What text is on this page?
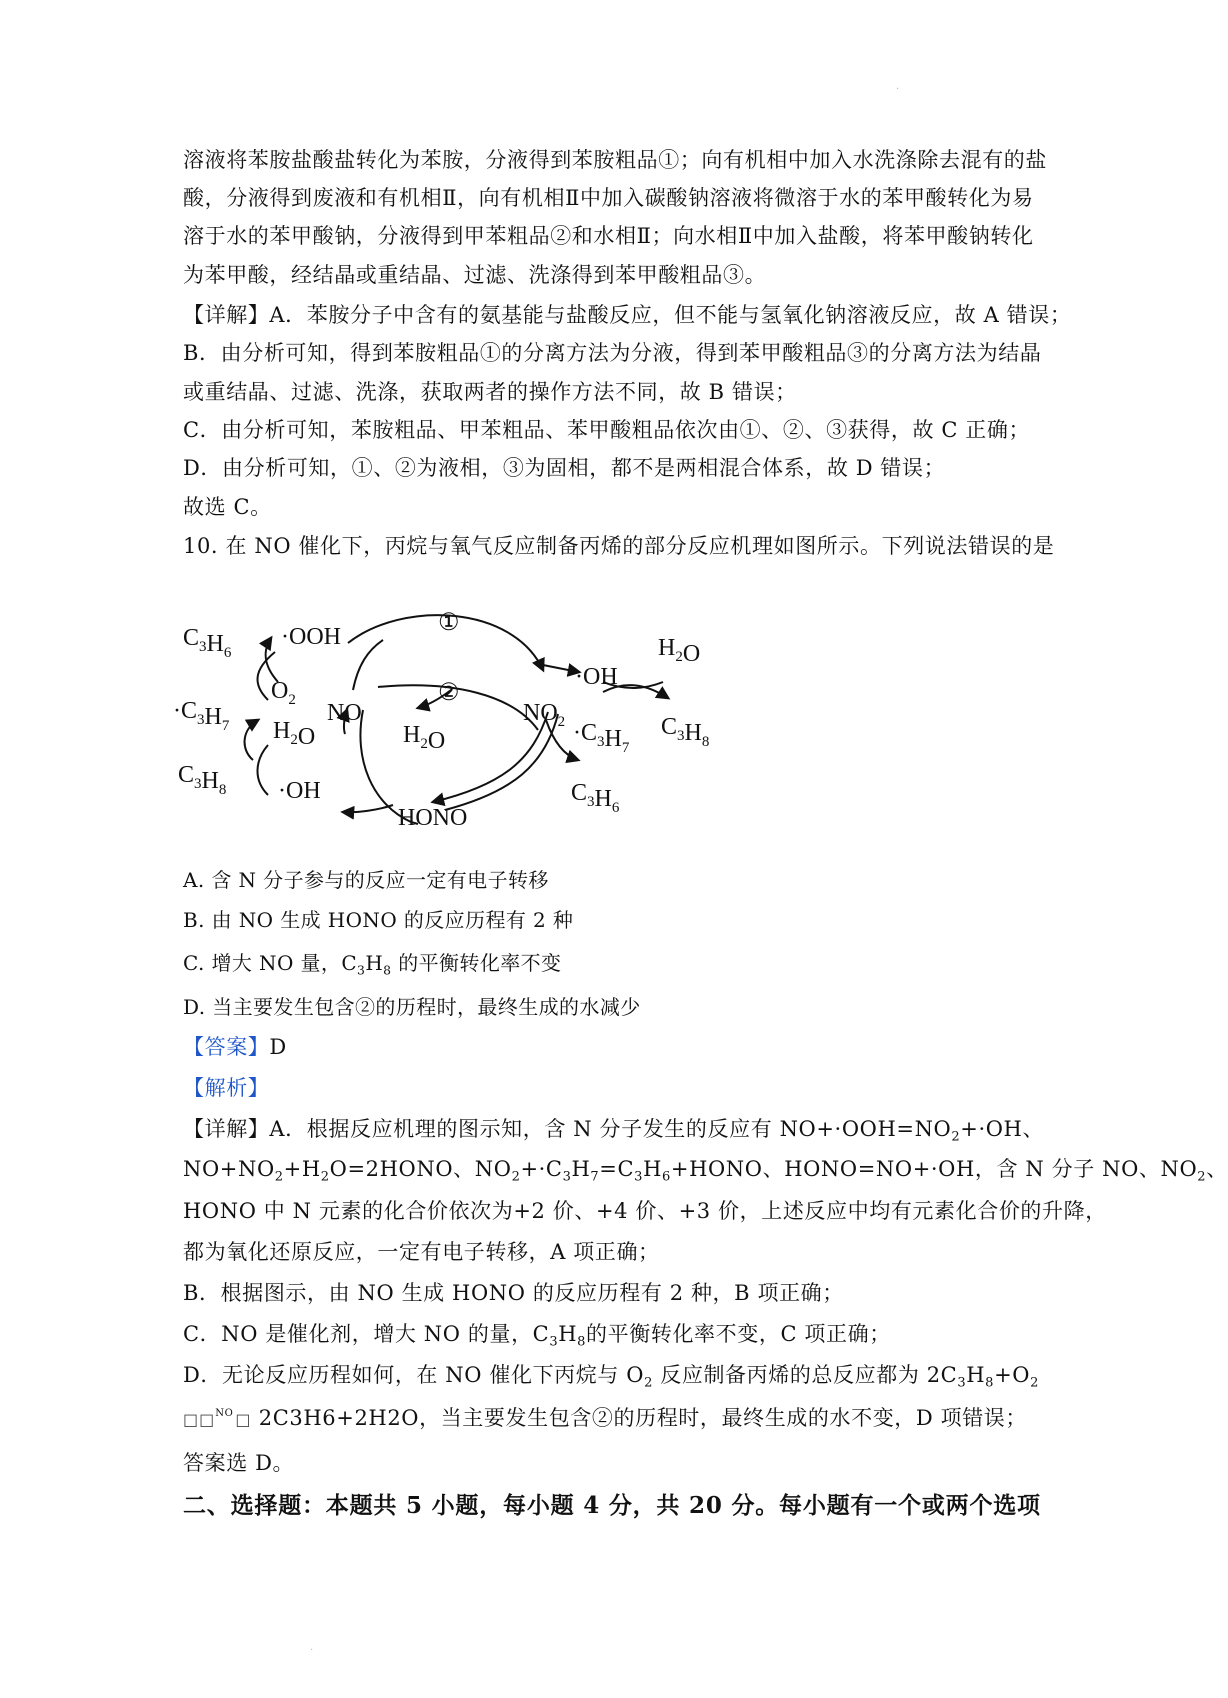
·
溶液将苯胺盐酸盐转化为苯胺，分液得到苯胺粗品①；向有机相中加入水洗涤除去混有的盐
酸，分液得到废液和有机相Ⅱ，向有机相Ⅱ中加入碳酸钠溶液将微溶于水的苯甲酸转化为易
溶于水的苯甲酸钠，分液得到甲苯粗品②和水相Ⅱ；向水相Ⅱ中加入盐酸，将苯甲酸钠转化
为苯甲酸，经结晶或重结晶、过滤、洗涤得到苯甲酸粗品③。
【详解】A．苯胺分子中含有的氨基能与盐酸反应，但不能与氢氧化钠溶液反应，故 A 错误；
B．由分析可知，得到苯胺粗品①的分离方法为分液，得到苯甲酸粗品③的分离方法为结晶
或重结晶、过滤、洗涤，获取两者的操作方法不同，故 B 错误；
C．由分析可知，苯胺粗品、甲苯粗品、苯甲酸粗品依次由①、②、③获得，故 C 正确；
D．由分析可知，①、②为液相，③为固相，都不是两相混合体系，故 D 错误；
故选 C。
10. 在 NO 催化下，丙烷与氧气反应制备丙烯的部分反应机理如图所示。下列说法错误的是
$C_3H_6$
·OOH
①
·OH
$H_2O$
$O_2$
$\cdot C_3H_7$	NO
②
$NO_2 \cdot C_3H_7$
$C_3H_8$
$H_2O$	$H_2O$
$C_3H_8 \cdot OH$
HONO
$C_3H_6$
A. 含 N 分子参与的反应一定有电子转移
B. 由 NO 生成 HONO 的反应历程有 2 种
C. 增大 NO 量，$C_3H_8$ 的平衡转化率不变
D. 当主要发生包含②的历程时，最终生成的水减少
【答案】D
【解析】
【详解】A．根据反应机理的图示知，含 N 分子发生的反应有 $NO+\cdot OOH=NO_2+\cdot OH$、
$NO+NO_2+H_2O=2HONO$、$NO_2+\cdot C_3H_7=C_3H_6+HONO$、HONO=NO+·OH，含 N 分子 NO、$NO_2$、
HONO 中 N 元素的化合价依次为+2 价、+4 价、+3 价，上述反应中均有元素化合价的升降，
都为氧化还原反应，一定有电子转移，A 项正确；
B．根据图示，由 NO 生成 HONO 的反应历程有 2 种，B 项正确；
C．NO 是催化剂，增大 NO 的量，$C_3H_8$的平衡转化率不变，C 项正确；
D．无论反应历程如何，在 NO 催化下丙烷与 $O_2$ 反应制备丙烯的总反应都为 $2C_3H_8+O_2$
□□$^{NO}$ □ 2C3H6+2H2O，当主要发生包含②的历程时，最终生成的水不变，D 项错误；
答案选 D。
二、选择题：本题共 5 小题，每小题 4 分，共 20 分。每小题有一个或两个选项
·
